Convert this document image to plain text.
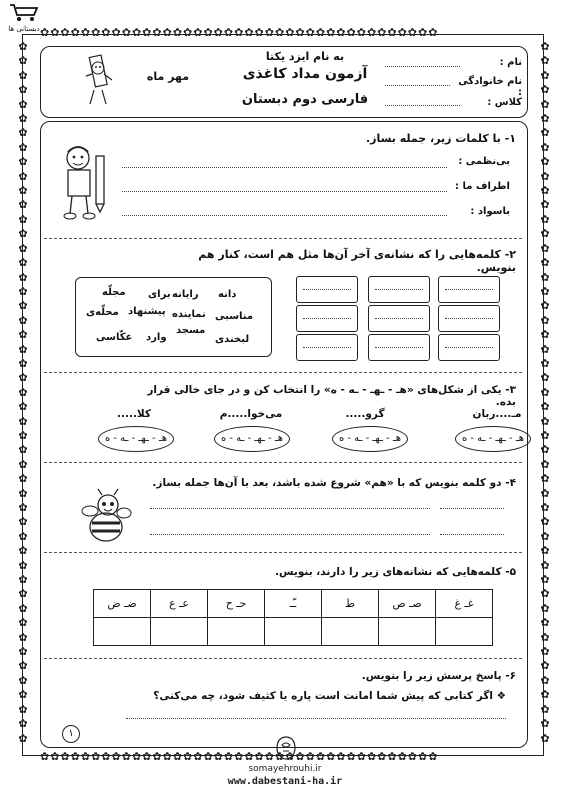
✿✿✿✿✿✿✿✿✿✿✿✿✿✿✿✿✿✿✿✿✿✿✿✿✿✿✿✿✿✿✿✿✿✿✿✿✿✿✿
✿✿✿✿✿✿✿✿✿✿✿✿✿✿✿✿✿✿✿✿✿✿✿✿✿✿✿✿✿✿✿✿✿✿✿✿✿✿✿
✿
✿
✿
✿
✿
✿
✿
✿
✿
✿
✿
✿
✿
✿
✿
✿
✿
✿
✿
✿
✿
✿
✿
✿
✿
✿
✿
✿
✿
✿
✿
✿
✿
✿
✿
✿
✿
✿
✿
✿
✿
✿
✿
✿
✿
✿
✿
✿
✿
✿
✿
✿
✿
✿
✿
✿
✿
✿
✿
✿
✿
✿
✿
✿
✿
✿
✿
✿
✿
✿
✿
✿
✿
✿
✿
✿
✿
✿
✿
✿
✿
✿
✿
✿
✿
✿
✿
✿
✿
✿
✿
✿
✿
✿
✿
✿
✿
✿
دبستانی ها
به نام ایزد یکتا
آزمون مداد کاغذی
فارسی دوم دبستان
مهر ماه
نام :
نام خانوادگی :
کلاس :
۱- با کلمات زیر، جمله بساز.
بی‌نظمی :
اطراف ما :
باسواد :
۲- کلمه‌هایی را که نشانه‌ی آخر آن‌ها مثل هم است، کنار هم بنویس.
دانه
رایانه
برای
مجلّه
مناسبی
نماینده
پیشنهاد
محلّه‌ی
مسجد
لبخندی
وارد
عکّاسی
۳- یکی از شکل‌های «هـ - ـهـ - ـه - ه» را انتخاب کن و در جای خالی قرار بده.
مـ....ربان
گرو.....
می‌خوا.....م
کلا.....
هـ - ـهـ - ـه - ه
هـ - ـهـ - ـه - ه
هـ - ـهـ - ـه - ه
هـ - ـهـ - ـه - ه
۴- دو کلمه بنویس که با «هم» شروع شده باشد، بعد با آن‌ها جمله بساز.
۵- کلمه‌هایی که نشانه‌های زیر را دارند، بنویس.
ضـ ض	عـ ع	حـ ح	ـّـ	ط	صـ ص	غـ غ

۶- پاسخ پرسش زیر را بنویس.
❖ اگر کتابی که پیش شما امانت است پاره یا کثیف شود، چه می‌کنی؟
۱
somayehrouhi.ir
www.dabestani-ha.ir
